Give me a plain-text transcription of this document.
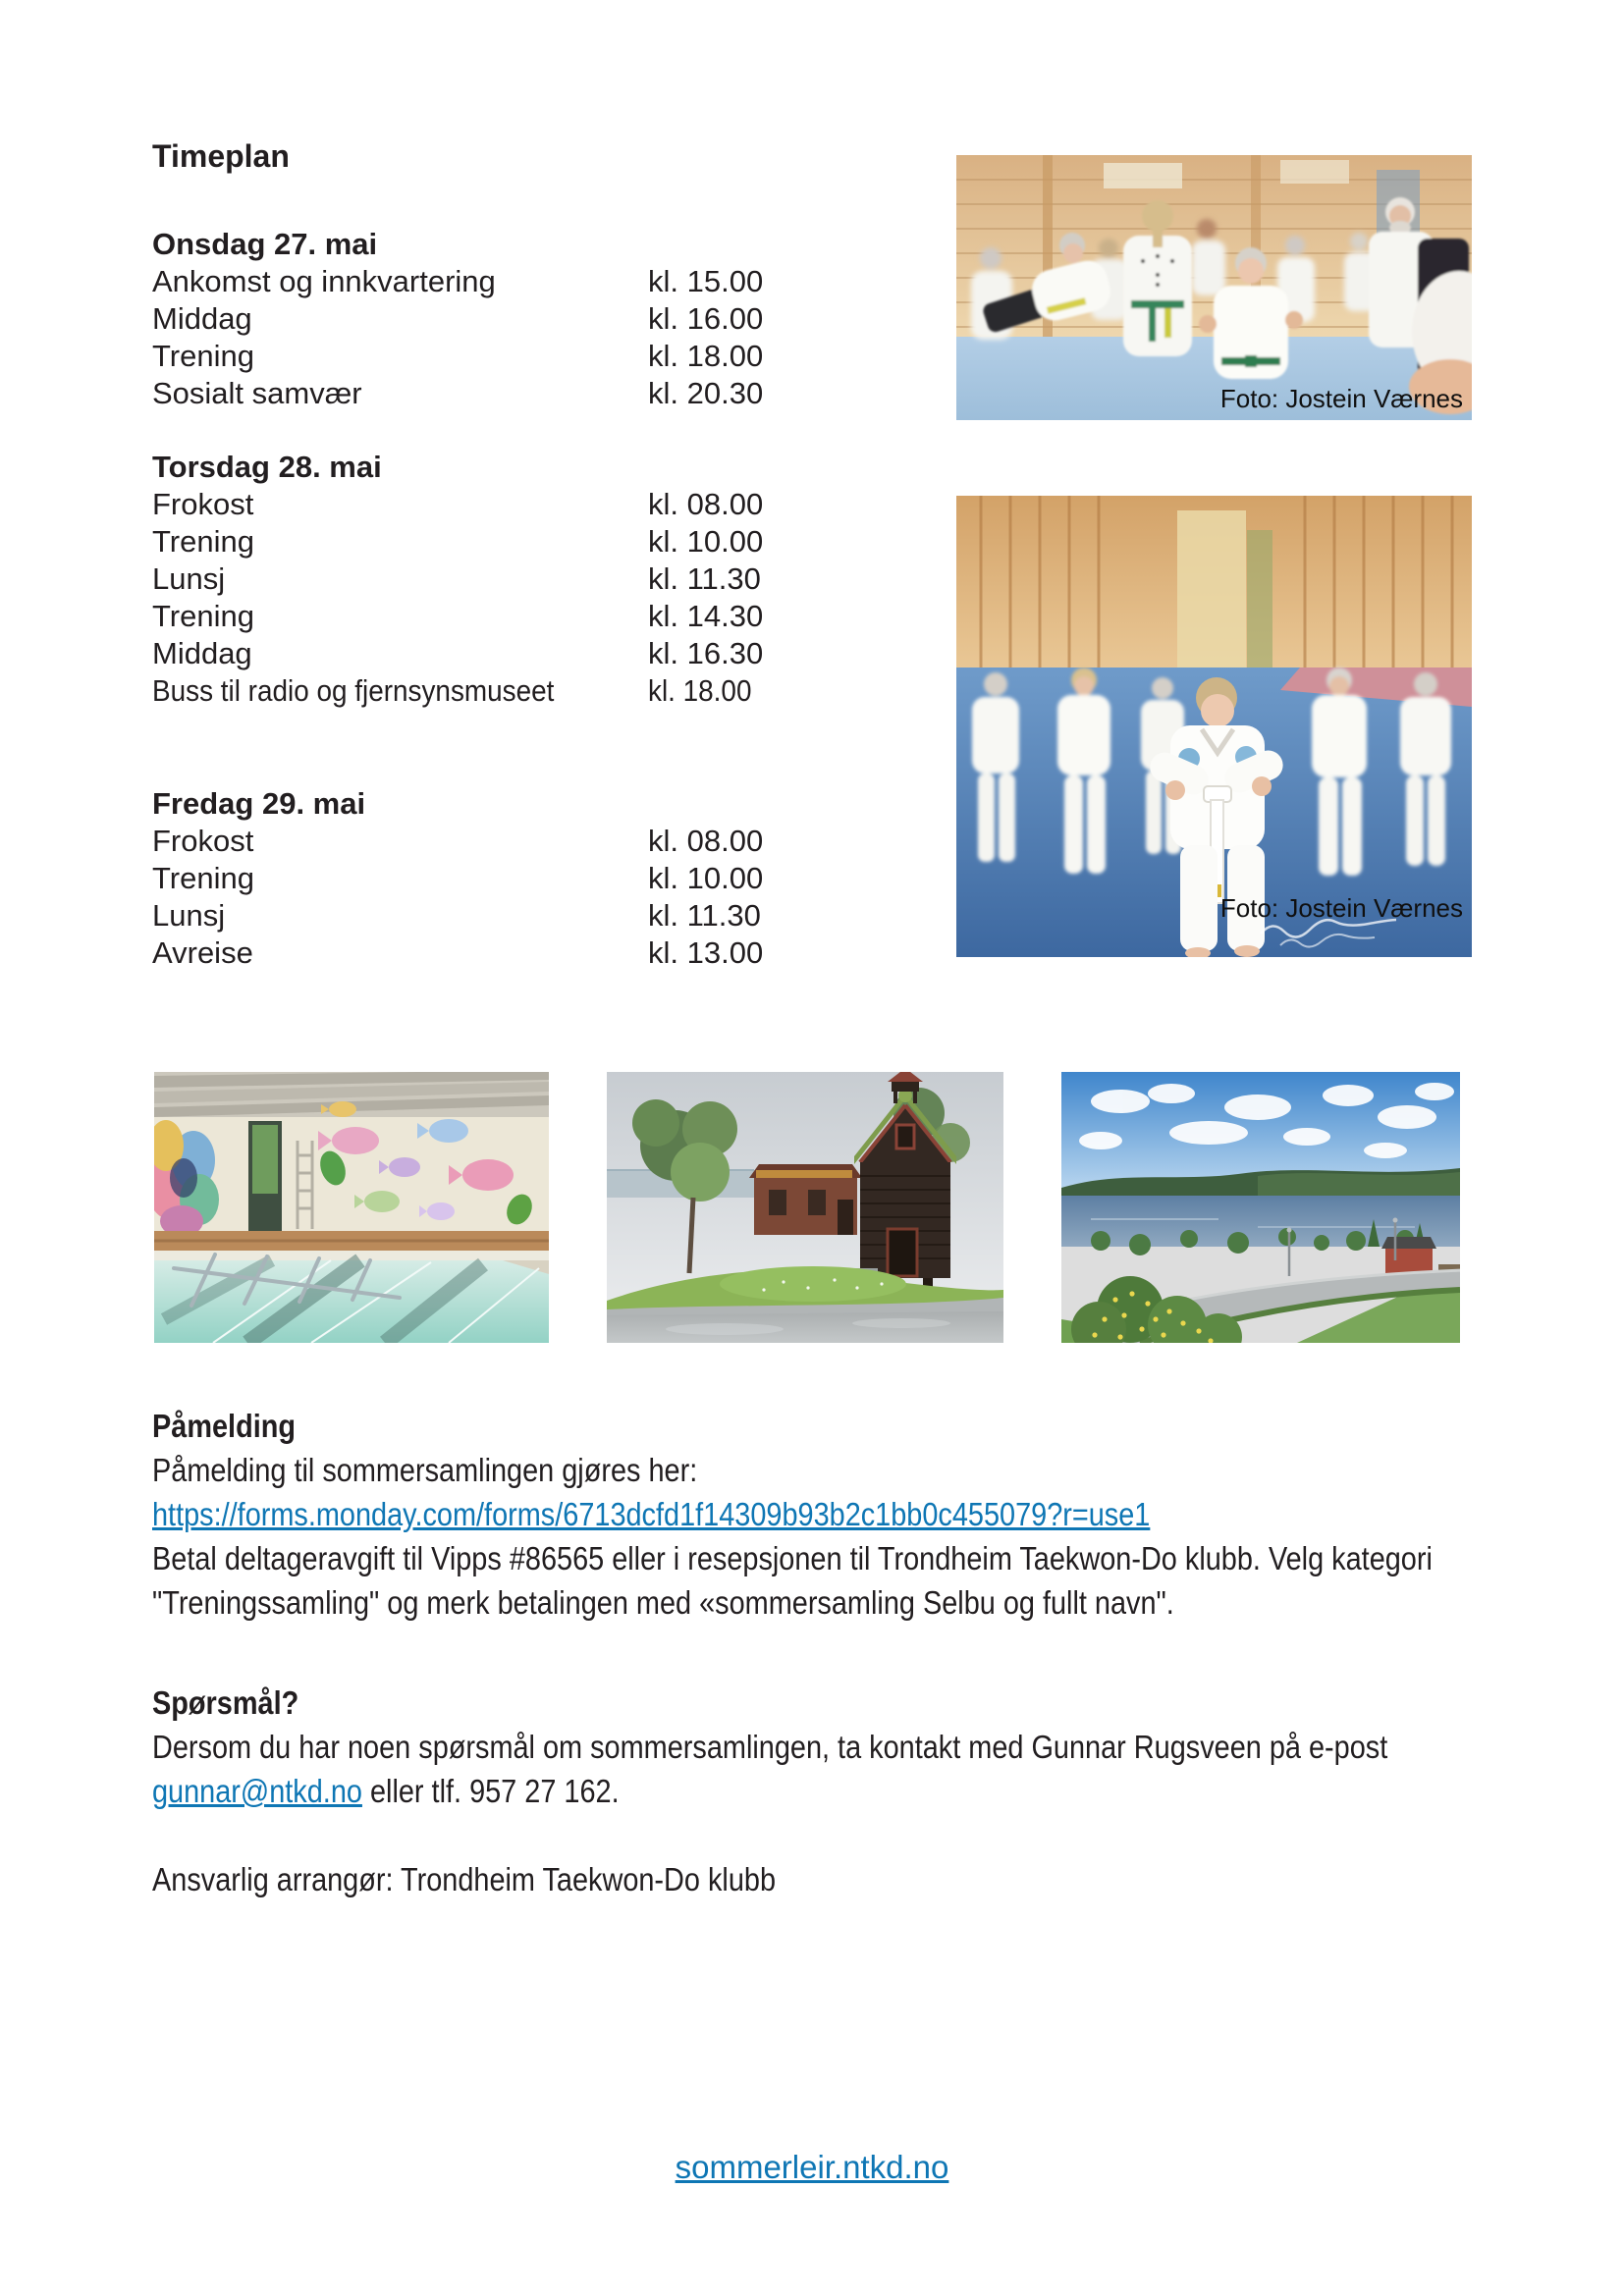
Timeplan
Onsdag 27. mai
Ankomst og innkvartering	kl. 15.00
Middag	kl. 16.00
Trening	kl. 18.00
Sosialt samvær	kl. 20.30
Torsdag 28. mai
Frokost	kl. 08.00
Trening	kl. 10.00
Lunsj	kl. 11.30
Trening	kl. 14.30
Middag	kl. 16.30
Buss til radio og fjernsynsmuseet	kl. 18.00
Fredag 29. mai
Frokost	kl. 08.00
Trening	kl. 10.00
Lunsj	kl. 11.30
Avreise	kl. 13.00
Foto: Jostein Værnes
Foto: Jostein Værnes
Påmelding
Påmelding til sommersamlingen gjøres her:
https://forms.monday.com/forms/6713dcfd1f14309b93b2c1bb0c455079?r=use1
Betal deltageravgift til Vipps #86565 eller i resepsjonen til Trondheim Taekwon-Do klubb. Velg kategori "Treningssamling" og merk betalingen med «sommersamling Selbu og fullt navn".
Spørsmål?
Dersom du har noen spørsmål om sommersamlingen, ta kontakt med Gunnar Rugsveen på e-post gunnar@ntkd.no eller tlf. 957 27 162.
Ansvarlig arrangør: Trondheim Taekwon-Do klubb
sommerleir.ntkd.no
